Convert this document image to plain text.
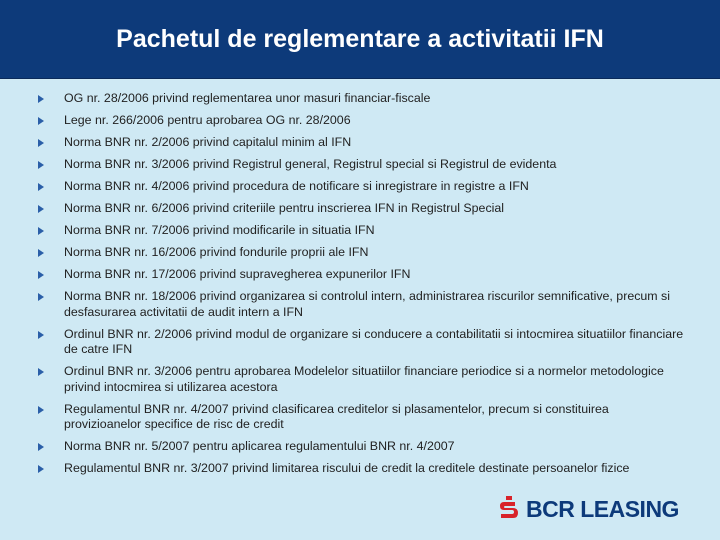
Pachetul de reglementare a activitatii IFN
OG nr. 28/2006 privind reglementarea unor masuri financiar-fiscale
Lege nr. 266/2006 pentru aprobarea OG nr. 28/2006
Norma BNR nr. 2/2006 privind capitalul minim al IFN
Norma BNR nr. 3/2006 privind Registrul general, Registrul special si Registrul de evidenta
Norma BNR nr. 4/2006 privind procedura de notificare si inregistrare in registre a IFN
Norma BNR nr. 6/2006 privind criteriile pentru inscrierea IFN in Registrul Special
Norma BNR nr. 7/2006 privind modificarile in situatia IFN
Norma BNR nr. 16/2006 privind fondurile proprii ale IFN
Norma BNR nr. 17/2006 privind supravegherea expunerilor IFN
Norma BNR nr. 18/2006 privind organizarea si controlul intern, administrarea riscurilor semnificative, precum si desfasurarea activitatii de audit intern a IFN
Ordinul BNR nr. 2/2006 privind modul de organizare si conducere a contabilitatii si intocmirea situatiilor financiare de catre IFN
Ordinul BNR nr. 3/2006 pentru aprobarea Modelelor situatiilor financiare periodice si a normelor metodologice privind intocmirea si utilizarea acestora
Regulamentul BNR nr. 4/2007 privind clasificarea creditelor si plasamentelor, precum si constituirea provizioanelor specifice de risc de credit
Norma BNR nr. 5/2007 pentru aplicarea regulamentului BNR nr. 4/2007
Regulamentul BNR nr. 3/2007 privind limitarea riscului de credit la creditele destinate persoanelor fizice
BCR LEASING
